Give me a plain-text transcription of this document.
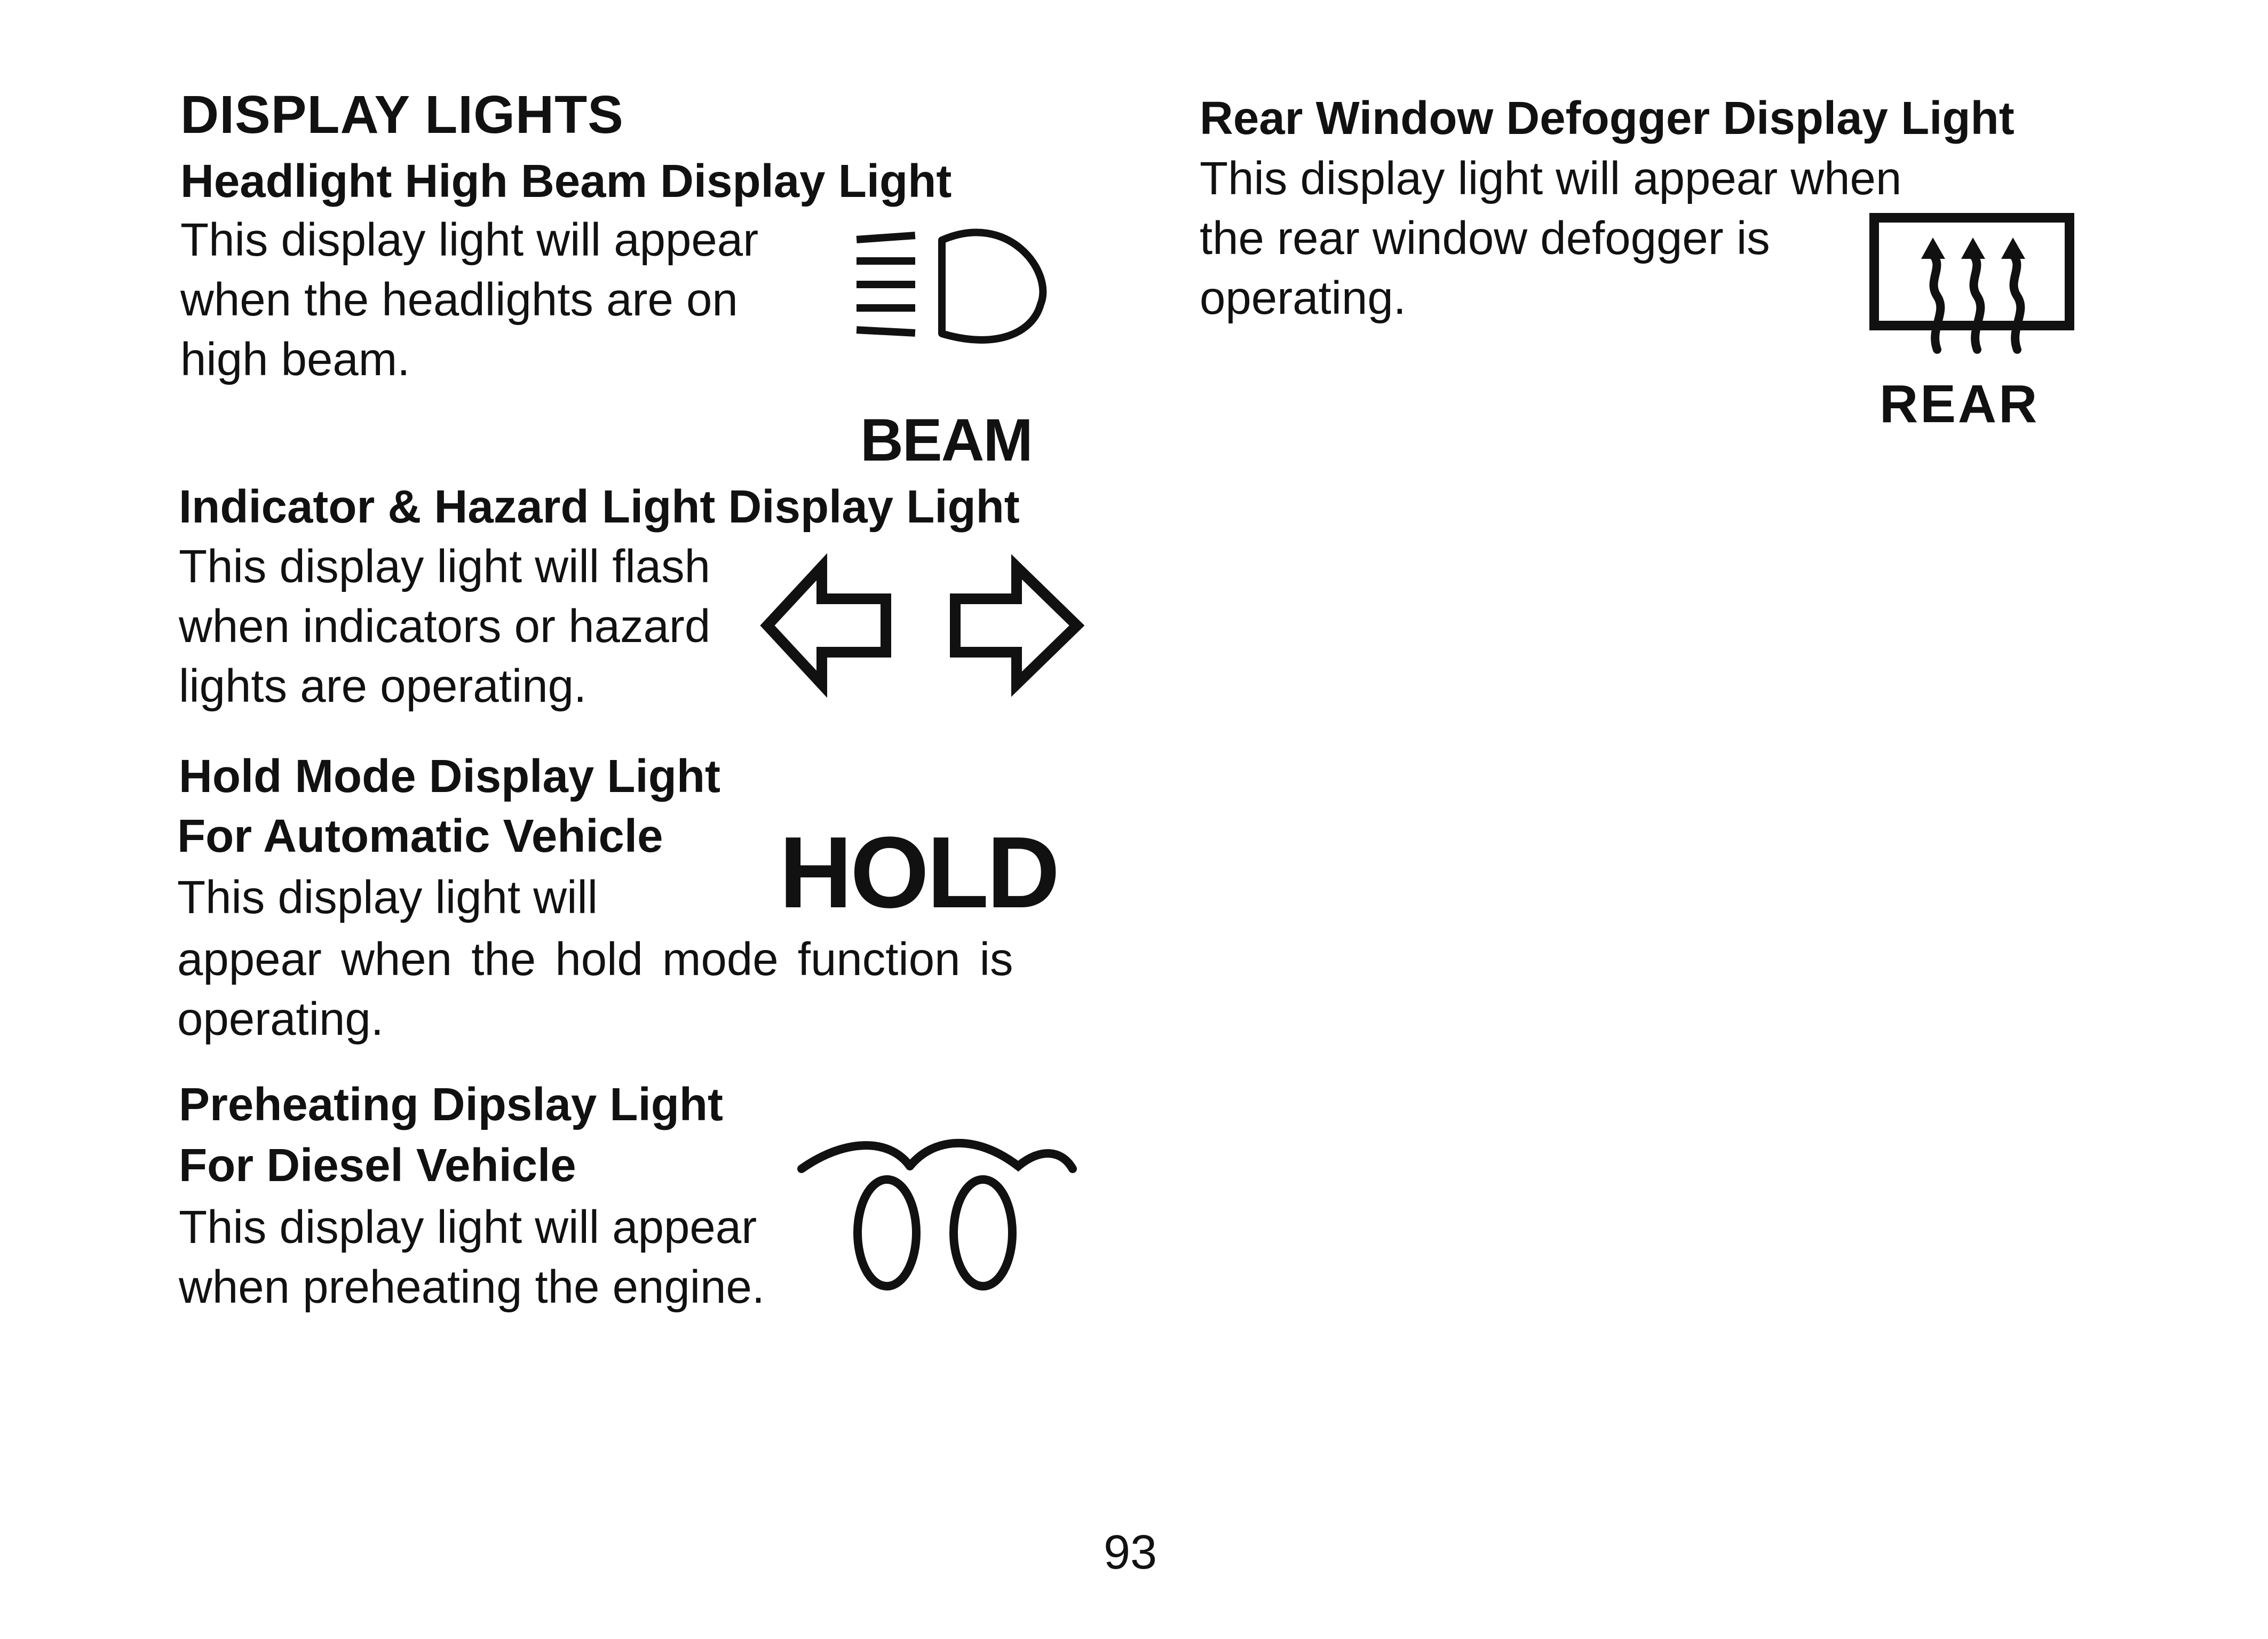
DISPLAY LIGHTS
Headlight High Beam Display Light
This display light will appear
when the headlights are on
high beam.
BEAM
Indicator & Hazard Light Display Light
This display light will flash
when indicators or hazard
lights are operating.
Hold Mode Display Light
For Automatic Vehicle
This display light will
appear when the hold mode function is
operating.
HOLD
Preheating Dipslay Light
For Diesel Vehicle
This display light will appear
when preheating the engine.
Rear Window Defogger Display Light
This display light will appear when
the rear window defogger is
operating.
REAR
93
